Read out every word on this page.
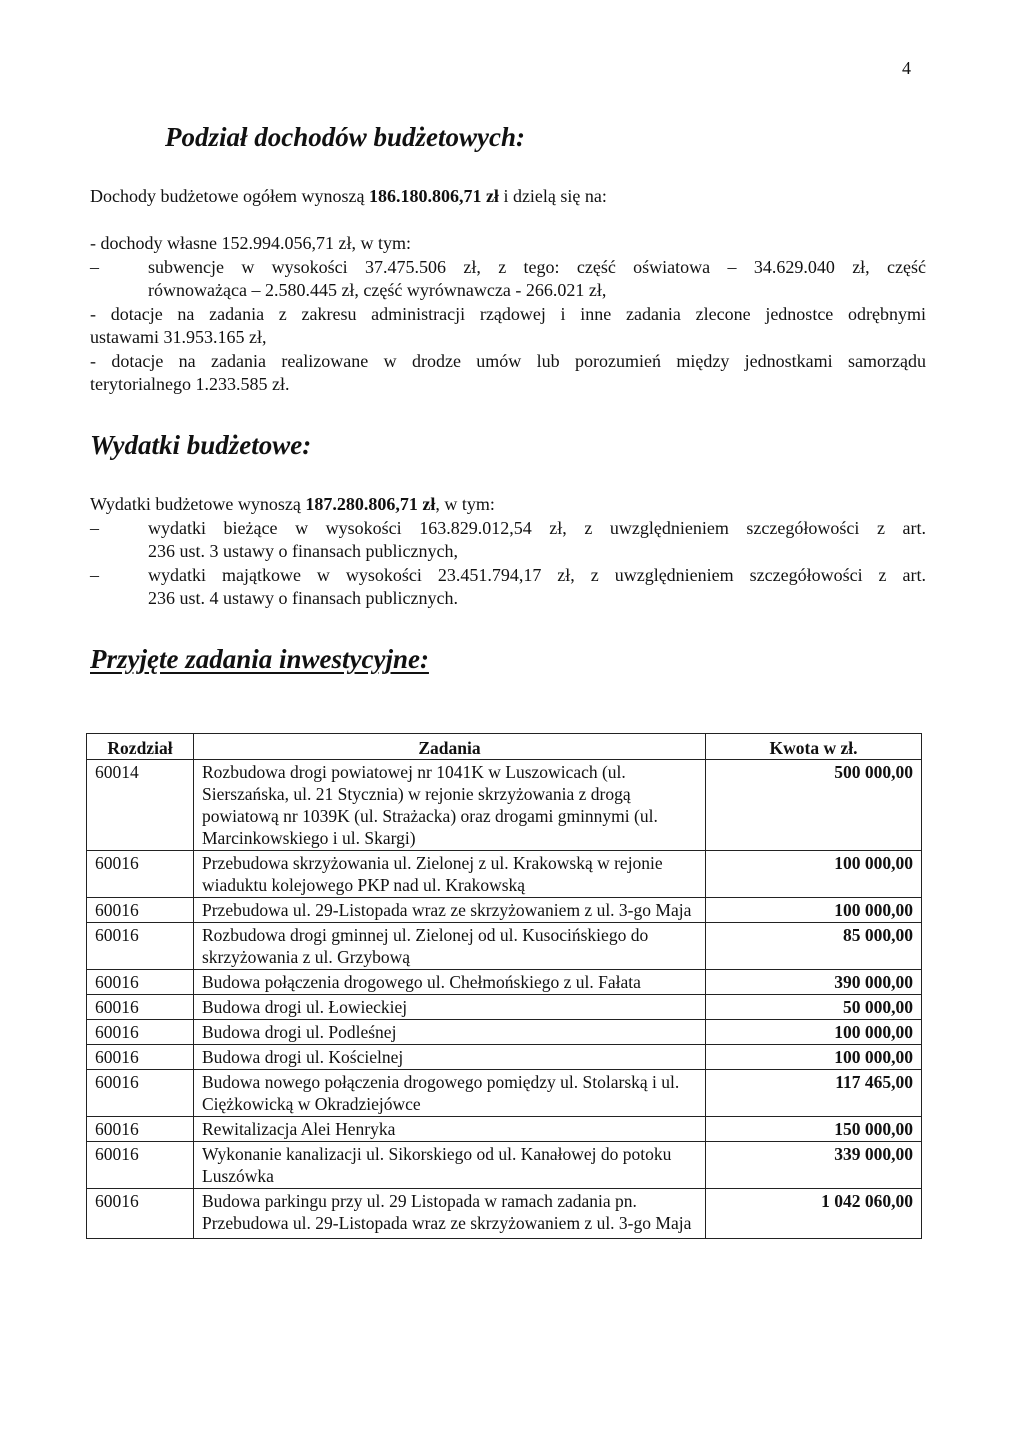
4
Podział dochodów budżetowych:

Dochody budżetowe ogółem wynoszą 186.180.806,71 zł i dzielą się na:

- dochody własne 152.994.056,71 zł, w tym:

–	subwencje w wysokości 37.475.506 zł, z tego: część oświatowa – 34.629.040 zł, część

równoważąca – 2.580.445 zł, część wyrównawcza - 266.021 zł,

- dotacje na zadania z zakresu administracji rządowej i inne zadania zlecone jednostce odrębnymi

ustawami 31.953.165 zł,

- dotacje na zadania realizowane w drodze umów lub porozumień między jednostkami samorządu

terytorialnego 1.233.585 zł.

Wydatki budżetowe:

Wydatki budżetowe wynoszą 187.280.806,71 zł, w tym:

–	wydatki bieżące w wysokości 163.829.012,54 zł, z uwzględnieniem szczegółowości z art.

236 ust. 3 ustawy o finansach publicznych,

–	wydatki majątkowe w wysokości 23.451.794,17 zł, z uwzględnieniem szczegółowości z art.

236 ust. 4 ustawy o finansach publicznych.

Przyjęte zadania inwestycyjne:
Rozdział	Zadania	Kwota w zł.
60014	Rozbudowa drogi powiatowej nr 1041K w Luszowicach (ul. Sierszańska, ul. 21 Stycznia) w rejonie skrzyżowania z drogą powiatową nr 1039K (ul. Strażacka) oraz drogami gminnymi (ul. Marcinkowskiego i ul. Skargi)	500 000,00
60016	Przebudowa skrzyżowania ul. Zielonej z ul. Krakowską w rejonie wiaduktu kolejowego PKP nad ul. Krakowską	100 000,00
60016	Przebudowa ul. 29-Listopada wraz ze skrzyżowaniem z ul. 3-go Maja	100 000,00
60016	Rozbudowa drogi gminnej ul. Zielonej od ul. Kusocińskiego do skrzyżowania z ul. Grzybową	85 000,00
60016	Budowa połączenia drogowego ul. Chełmońskiego z ul. Fałata	390 000,00
60016	Budowa drogi ul. Łowieckiej	50 000,00
60016	Budowa drogi ul. Podleśnej	100 000,00
60016	Budowa drogi ul. Kościelnej	100 000,00
60016	Budowa nowego połączenia drogowego pomiędzy ul. Stolarską i ul. Ciężkowicką w Okradziejówce	117 465,00
60016	Rewitalizacja Alei Henryka	150 000,00
60016	Wykonanie kanalizacji ul. Sikorskiego od ul. Kanałowej do potoku Luszówka	339 000,00
60016	Budowa parkingu przy ul. 29 Listopada w ramach zadania pn. Przebudowa ul. 29-Listopada wraz ze skrzyżowaniem z ul. 3-go Maja	1 042 060,00
